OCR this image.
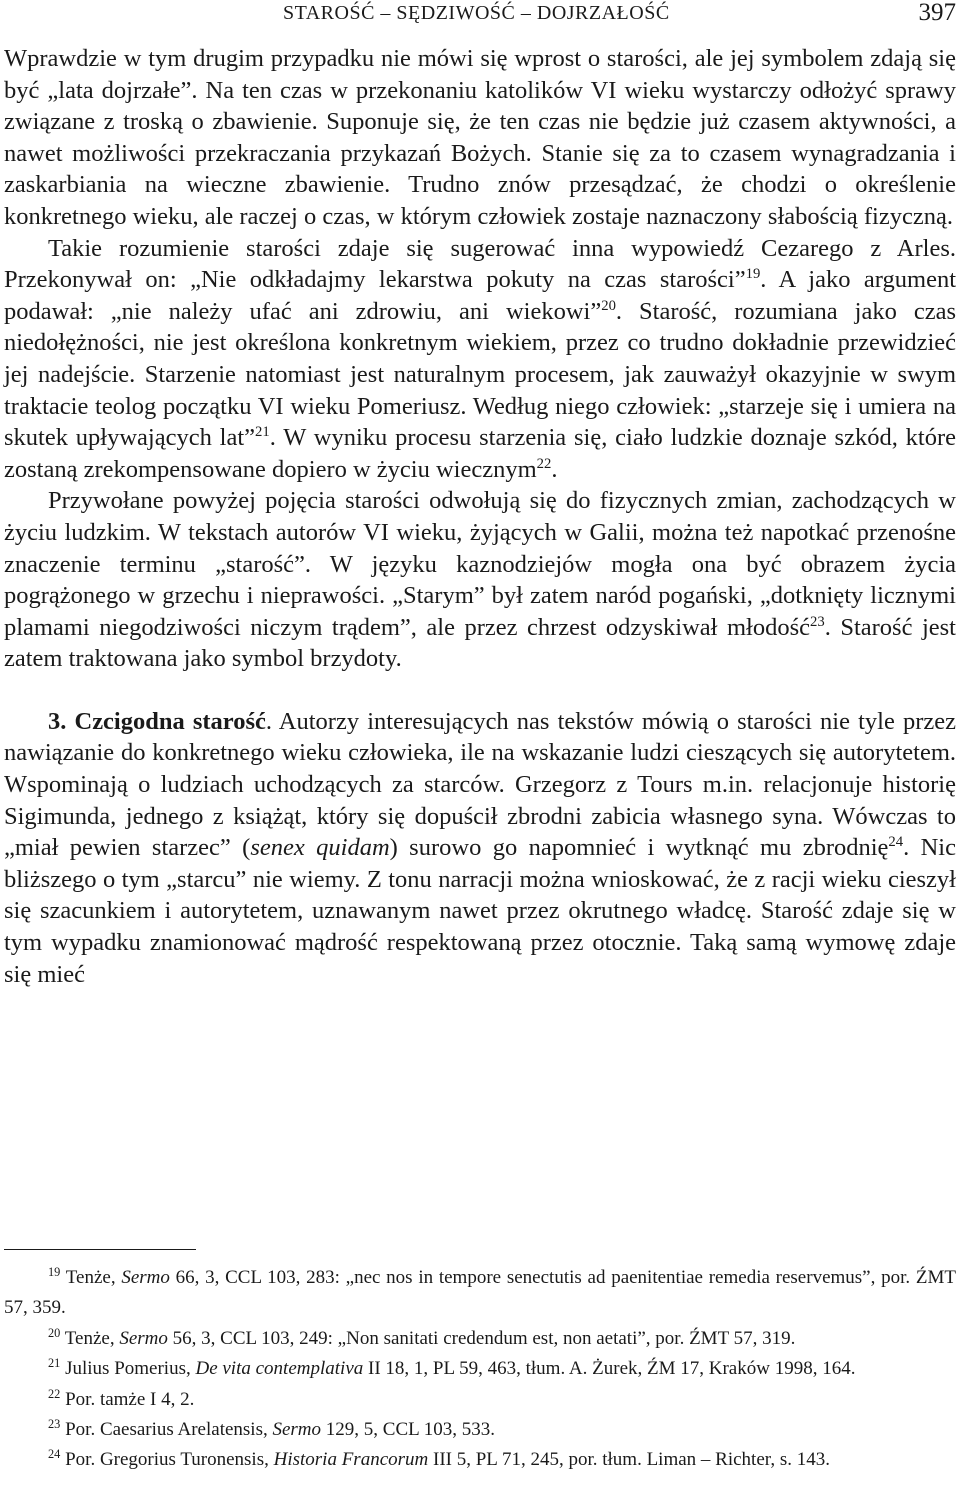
STAROŚĆ – SĘDZIWOŚĆ – DOJRZAŁOŚĆ	397

Wprawdzie w tym drugim przypadku nie mówi się wprost o starości, ale jej symbolem zdają się być „lata dojrzałe”. Na ten czas w przekonaniu katolików VI wieku wystarczy odłożyć sprawy związane z troską o zbawienie. Suponuje się, że ten czas nie będzie już czasem aktywności, a nawet możliwości przekraczania przykazań Bożych. Stanie się za to czasem wynagradzania i zaskarbiania na wieczne zbawienie. Trudno znów przesądzać, że chodzi o określenie konkretnego wieku, ale raczej o czas, w którym człowiek zostaje naznaczony słabością fizyczną.

Takie rozumienie starości zdaje się sugerować inna wypowiedź Cezarego z Arles. Przekonywał on: „Nie odkładajmy lekarstwa pokuty na czas starości”$^{19}$. A jako argument podawał: „nie należy ufać ani zdrowiu, ani wiekowi”$^{20}$. Starość, rozumiana jako czas niedołężności, nie jest określona konkretnym wiekiem, przez co trudno dokładnie przewidzieć jej nadejście. Starzenie natomiast jest naturalnym procesem, jak zauważył okazyjnie w swym traktacie teolog początku VI wieku Pomeriusz. Według niego człowiek: „starzeje się i umiera na skutek upływających lat”$^{21}$. W wyniku procesu starzenia się, ciało ludzkie doznaje szkód, które zostaną zrekompensowane dopiero w życiu wiecznym$^{22}$.

Przywołane powyżej pojęcia starości odwołują się do fizycznych zmian, zachodzących w życiu ludzkim. W tekstach autorów VI wieku, żyjących w Galii, można też napotkać przenośne znaczenie terminu „starość”. W języku kaznodziejów mogła ona być obrazem życia pogrążonego w grzechu i nieprawości. „Starym” był zatem naród pogański, „dotknięty licznymi plamami niegodziwości niczym trądem”, ale przez chrzest odzyskiwał młodość$^{23}$. Starość jest zatem traktowana jako symbol brzydoty.

3. Czcigodna starość. Autorzy interesujących nas tekstów mówią o starości nie tyle przez nawiązanie do konkretnego wieku człowieka, ile na wskazanie ludzi cieszących się autorytetem. Wspominają o ludziach uchodzących za starców. Grzegorz z Tours m.in. relacjonuje historię Sigimunda, jednego z książąt, który się dopuścił zbrodni zabicia własnego syna. Wówczas to „miał pewien starzec” (senex quidam) surowo go napomnieć i wytknąć mu zbrodnię$^{24}$. Nic bliższego o tym „starcu” nie wiemy. Z tonu narracji można wnioskować, że z racji wieku cieszył się szacunkiem i autorytetem, uznawanym nawet przez okrutnego władcę. Starość zdaje się w tym wypadku znamionować mądrość respektowaną przez otocznie. Taką samą wymowę zdaje się mieć

$^{19}$ Tenże, Sermo 66, 3, CCL 103, 283: „nec nos in tempore senectutis ad paenitentiae remedia reservemus”, por. ŹMT 57, 359.

$^{20}$ Tenże, Sermo 56, 3, CCL 103, 249: „Non sanitati credendum est, non aetati”, por. ŹMT 57, 319.

$^{21}$ Julius Pomerius, De vita contemplativa II 18, 1, PL 59, 463, tłum. A. Żurek, ŹM 17, Kraków 1998, 164.

$^{22}$ Por. tamże I 4, 2.

$^{23}$ Por. Caesarius Arelatensis, Sermo 129, 5, CCL 103, 533.

$^{24}$ Por. Gregorius Turonensis, Historia Francorum III 5, PL 71, 245, por. tłum. Liman – Richter, s. 143.
